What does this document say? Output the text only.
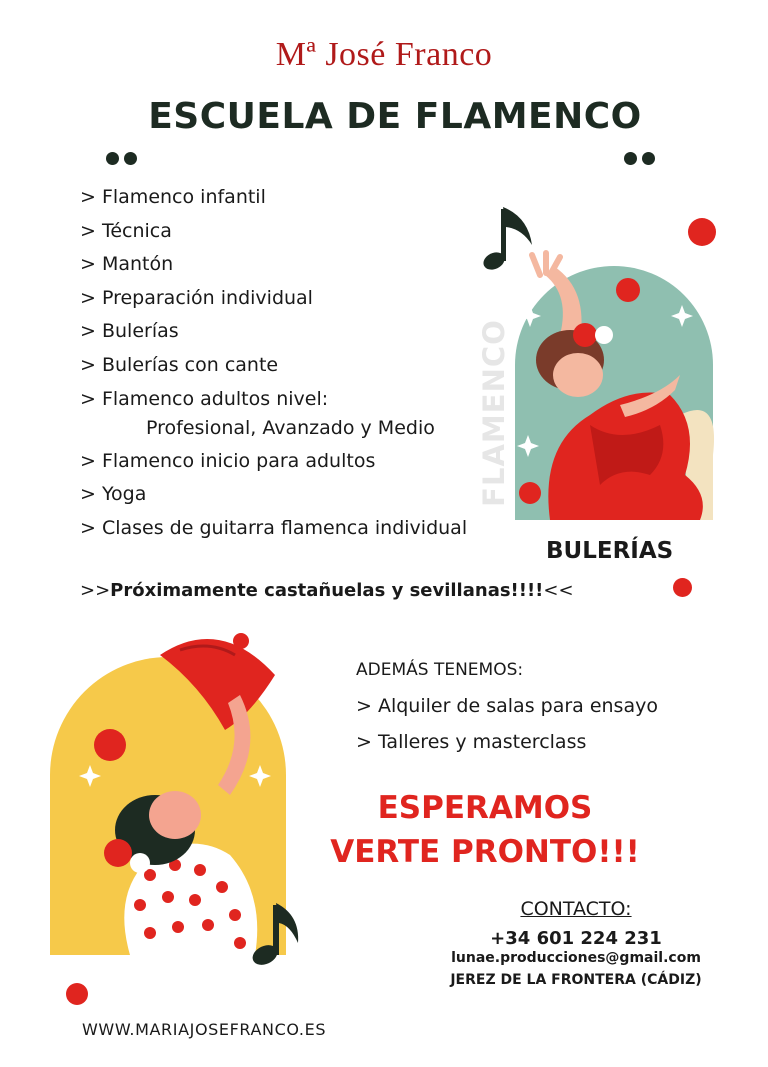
Mª José Franco
ESCUELA DE FLAMENCO
> Flamenco infantil
> Técnica
> Mantón
> Preparación individual
> Bulerías
> Bulerías con cante
> Flamenco adultos nivel:
Profesional, Avanzado y Medio
> Flamenco inicio para adultos
> Yoga
> Clases de guitarra flamenca individual
FLAMENCO
BULERÍAS
>>Próximamente castañuelas y sevillanas!!!!<<
ADEMÁS TENEMOS:
> Alquiler de salas para ensayo
> Talleres y masterclass
ESPERAMOS
VERTE PRONTO!!!
CONTACTO:
+34 601 224 231
lunae.producciones@gmail.com
JEREZ DE LA FRONTERA (CÁDIZ)
WWW.MARIAJOSEFRANCO.ES
